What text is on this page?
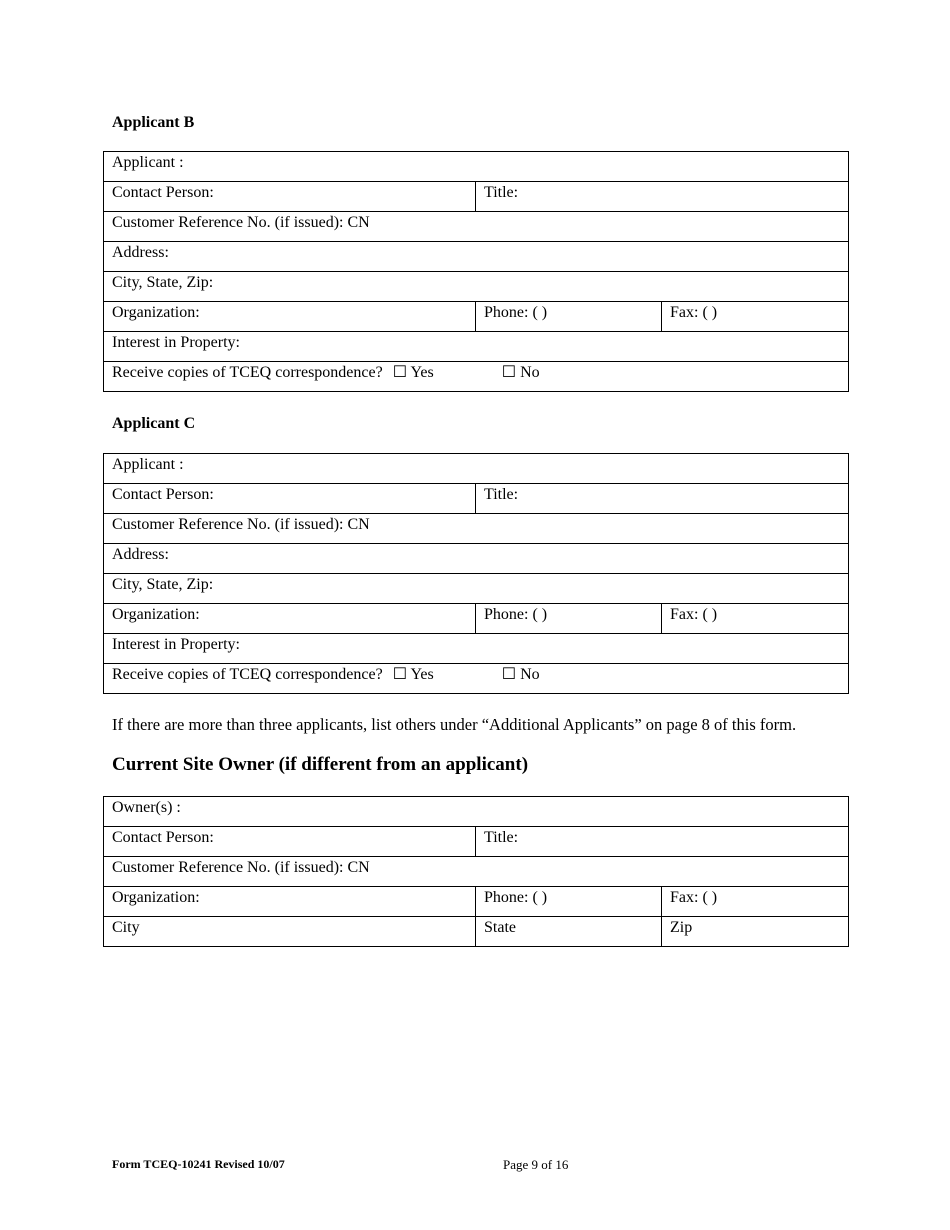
Applicant B
Applicant :		
Contact Person:	Title:	
Customer Reference No. (if issued): CN		
Address:		
City, State, Zip:		
Organization:	Phone: ( )	Fax: ( )
Interest in Property:		
Receive copies of TCEQ correspondence? ☐ Yes ☐ No		
Applicant C
Applicant :		
Contact Person:	Title:	
Customer Reference No. (if issued): CN		
Address:		
City, State, Zip:		
Organization:	Phone: ( )	Fax: ( )
Interest in Property:		
Receive copies of TCEQ correspondence? ☐ Yes ☐ No		
If there are more than three applicants, list others under “Additional Applicants” on page 8 of this form.
Current Site Owner (if different from an applicant)
Owner(s) :		
Contact Person:	Title:	
Customer Reference No. (if issued): CN		
Organization:	Phone: ( )	Fax: ( )
City	State	Zip
Form TCEQ-10241 Revised 10/07	Page 9 of 16
